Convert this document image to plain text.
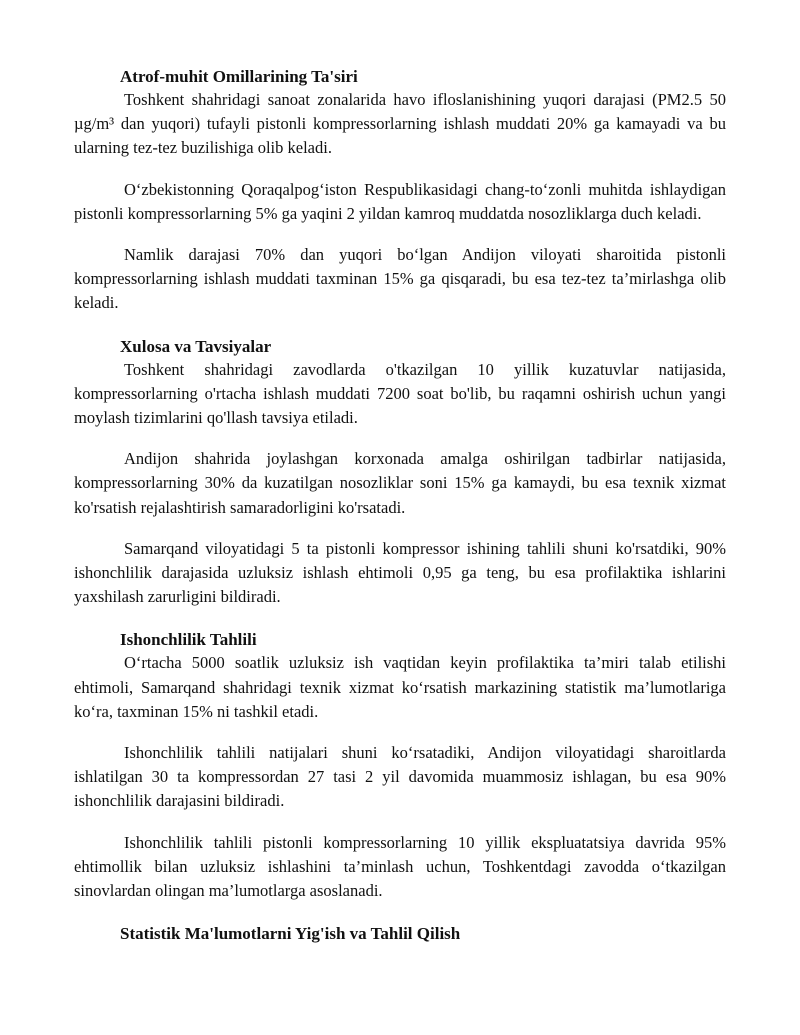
Atrof-muhit Omillarining Ta'siri

Toshkent shahridagi sanoat zonalarida havo ifloslanishining yuqori darajasi (PM2.5 50 µg/m³ dan yuqori) tufayli pistonli kompressorlarning ishlash muddati 20% ga kamayadi va bu ularning tez-tez buzilishiga olib keladi.

O‘zbekistonning Qoraqalpog‘iston Respublikasidagi chang-to‘zonli muhitda ishlaydigan pistonli kompressorlarning 5% ga yaqini 2 yildan kamroq muddatda nosozliklarga duch keladi.

Namlik darajasi 70% dan yuqori bo‘lgan Andijon viloyati sharoitida pistonli kompressorlarning ishlash muddati taxminan 15% ga qisqaradi, bu esa tez-tez ta’mirlashga olib keladi.

Xulosa va Tavsiyalar

Toshkent shahridagi zavodlarda o'tkazilgan 10 yillik kuzatuvlar natijasida, kompressorlarning o'rtacha ishlash muddati 7200 soat bo'lib, bu raqamni oshirish uchun yangi moylash tizimlarini qo'llash tavsiya etiladi.

Andijon shahrida joylashgan korxonada amalga oshirilgan tadbirlar natijasida, kompressorlarning 30% da kuzatilgan nosozliklar soni 15% ga kamaydi, bu esa texnik xizmat ko'rsatish rejalashtirish samaradorligini ko'rsatadi.

Samarqand viloyatidagi 5 ta pistonli kompressor ishining tahlili shuni ko'rsatdiki, 90% ishonchlilik darajasida uzluksiz ishlash ehtimoli 0,95 ga teng, bu esa profilaktika ishlarini yaxshilash zarurligini bildiradi.

Ishonchlilik Tahlili

O‘rtacha 5000 soatlik uzluksiz ish vaqtidan keyin profilaktika ta’miri talab etilishi ehtimoli, Samarqand shahridagi texnik xizmat ko‘rsatish markazining statistik ma’lumotlariga ko‘ra, taxminan 15% ni tashkil etadi.

Ishonchlilik tahlili natijalari shuni ko‘rsatadiki, Andijon viloyatidagi sharoitlarda ishlatilgan 30 ta kompressordan 27 tasi 2 yil davomida muammosiz ishlagan, bu esa 90% ishonchlilik darajasini bildiradi.

Ishonchlilik tahlili pistonli kompressorlarning 10 yillik ekspluatatsiya davrida 95% ehtimollik bilan uzluksiz ishlashini ta’minlash uchun, Toshkentdagi zavodda o‘tkazilgan sinovlardan olingan ma’lumotlarga asoslanadi.

Statistik Ma'lumotlarni Yig'ish va Tahlil Qilish
